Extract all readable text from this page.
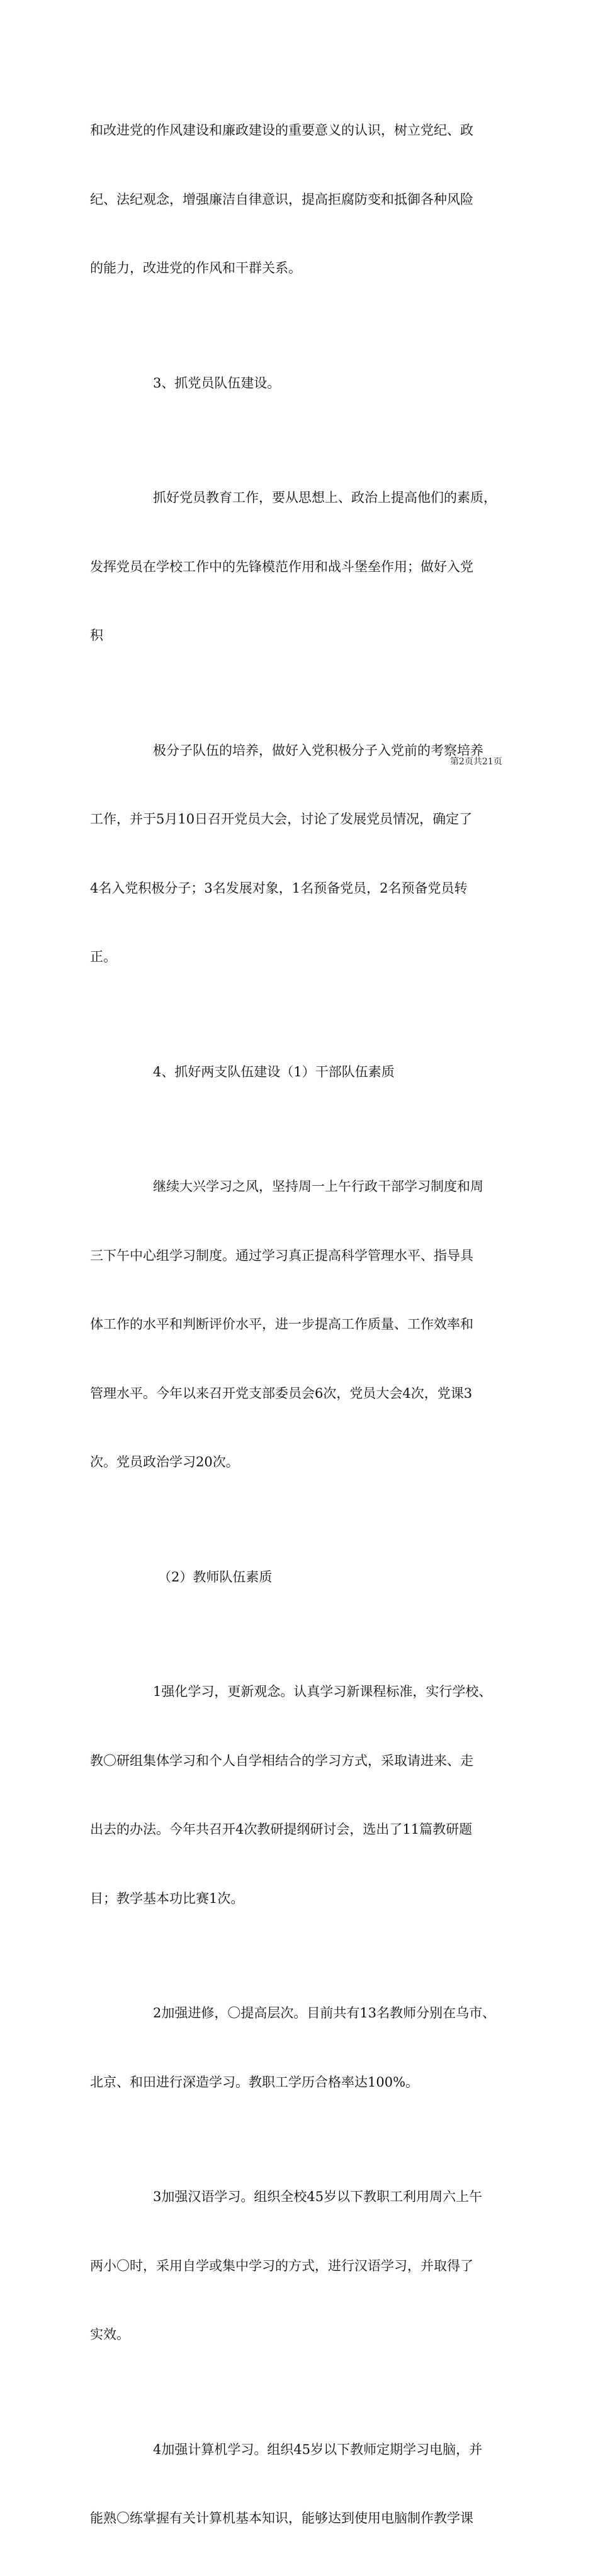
和改进党的作风建设和廉政建设的重要意义的认识，树立党纪、政

纪、法纪观念，增强廉洁自律意识，提高拒腐防变和抵御各种风险

的能力，改进党的作风和干群关系。

3、抓党员队伍建设。

抓好党员教育工作，要从思想上、政治上提高他们的素质，

发挥党员在学校工作中的先锋模范作用和战斗堡垒作用；做好入党

积

极分子队伍的培养，做好入党积极分子入党前的考察培养

工作，并于5月10日召开党员大会，讨论了发展党员情况，确定了

4名入党积极分子；3名发展对象，1名预备党员，2名预备党员转

正。

4、抓好两支队伍建设（1）干部队伍素质

继续大兴学习之风，坚持周一上午行政干部学习制度和周

三下午中心组学习制度。通过学习真正提高科学管理水平、指导具

体工作的水平和判断评价水平，进一步提高工作质量、工作效率和

管理水平。今年以来召开党支部委员会6次，党员大会4次，党课3

次。党员政治学习20次。

（2）教师队伍素质

1强化学习，更新观念。认真学习新课程标准，实行学校、

教〇研组集体学习和个人自学相结合的学习方式，采取请进来、走

出去的办法。今年共召开4次教研提纲研讨会，选出了11篇教研题

目；教学基本功比赛1次。

2加强进修，〇提高层次。目前共有13名教师分别在乌市、

北京、和田进行深造学习。教职工学历合格率达100%。

3加强汉语学习。组织全校45岁以下教职工利用周六上午

两小〇时，采用自学或集中学习的方式，进行汉语学习，并取得了

实效。

4加强计算机学习。组织45岁以下教师定期学习电脑，并

能熟〇练掌握有关计算机基本知识，能够达到使用电脑制作教学课

第2页共21页
